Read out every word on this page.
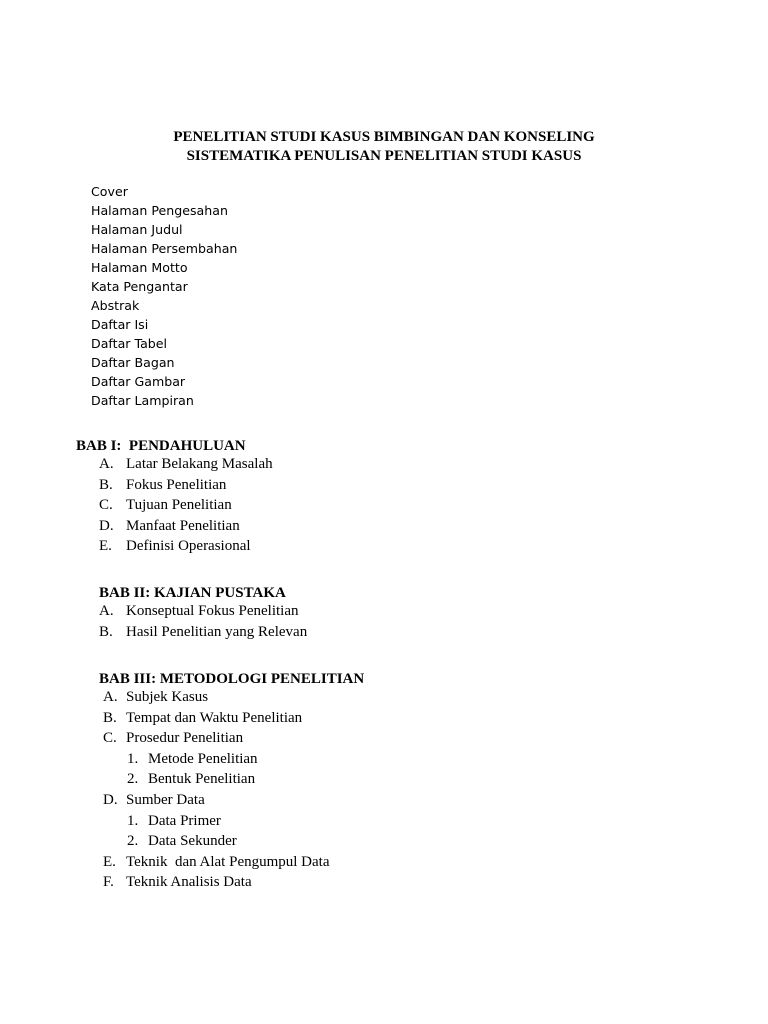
PENELITIAN STUDI KASUS BIMBINGAN DAN KONSELING
SISTEMATIKA PENULISAN PENELITIAN STUDI KASUS
Cover
Halaman Pengesahan
Halaman Judul
Halaman Persembahan
Halaman Motto
Kata Pengantar
Abstrak
Daftar Isi
Daftar Tabel
Daftar Bagan
Daftar Gambar
Daftar Lampiran
BAB I:  PENDAHULUAN
A. Latar Belakang Masalah
B. Fokus Penelitian
C. Tujuan Penelitian
D. Manfaat Penelitian
E. Definisi Operasional
BAB II: KAJIAN PUSTAKA
A. Konseptual Fokus Penelitian
B. Hasil Penelitian yang Relevan
BAB III: METODOLOGI PENELITIAN
A. Subjek Kasus
B. Tempat dan Waktu Penelitian
C. Prosedur Penelitian
1. Metode Penelitian
2. Bentuk Penelitian
D. Sumber Data
1. Data Primer
2. Data Sekunder
E. Teknik  dan Alat Pengumpul Data
F. Teknik Analisis Data
